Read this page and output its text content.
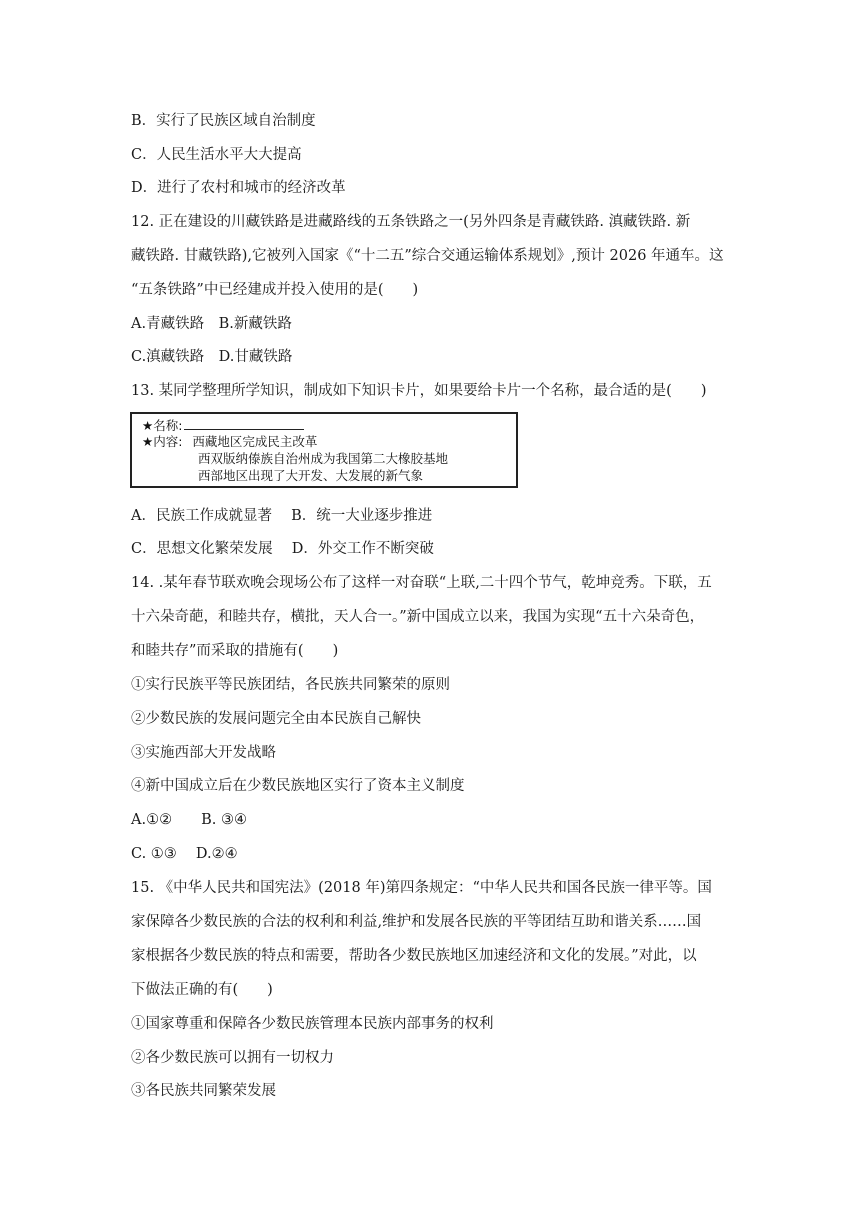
B．实行了民族区域自治制度
C．人民生活水平大大提高
D．进行了农村和城市的经济改革
12. 正在建设的川藏铁路是进藏路线的五条铁路之一(另外四条是青藏铁路. 滇藏铁路. 新
藏铁路. 甘藏铁路),它被列入国家《“十二五”综合交通运输体系规划》,预计 2026 年通车。这
“五条铁路”中已经建成并投入使用的是(　　)
A.青藏铁路　B.新藏铁路
C.滇藏铁路　D.甘藏铁路
13. 某同学整理所学知识，制成如下知识卡片，如果要给卡片一个名称，最合适的是(　　)
★名称:
★内容: 西藏地区完成民主改革
西双版纳傣族自治州成为我国第二大橡胶基地
西部地区出现了大开发、大发展的新气象
A．民族工作成就显著　 B．统一大业逐步推进
C．思想文化繁荣发展　 D．外交工作不断突破
14. .某年春节联欢晚会现场公布了这样一对奋联“上联,二十四个节气，乾坤竞秀。下联，五
十六朵奇葩，和睦共存，横批，天人合一。”新中国成立以来，我国为实现“五十六朵奇色，
和睦共存”而采取的措施有(　　)
①实行民族平等民族团结，各民族共同繁荣的原则
②少数民族的发展问题完全由本民族自己解快
③实施西部大开发战略
④新中国成立后在少数民族地区实行了资本主义制度
A.①②　　B. ③④
C. ①③　 D.②④
15. 《中华人民共和国宪法》(2018 年)第四条规定：“中华人民共和国各民族一律平等。国
家保障各少数民族的合法的权利和利益,维护和发展各民族的平等团结互助和谐关系……国
家根据各少数民族的特点和需要，帮助各少数民族地区加速经济和文化的发展。”对此，以
下做法正确的有(　　)
①国家尊重和保障各少数民族管理本民族内部事务的权利
②各少数民族可以拥有一切权力
③各民族共同繁荣发展
